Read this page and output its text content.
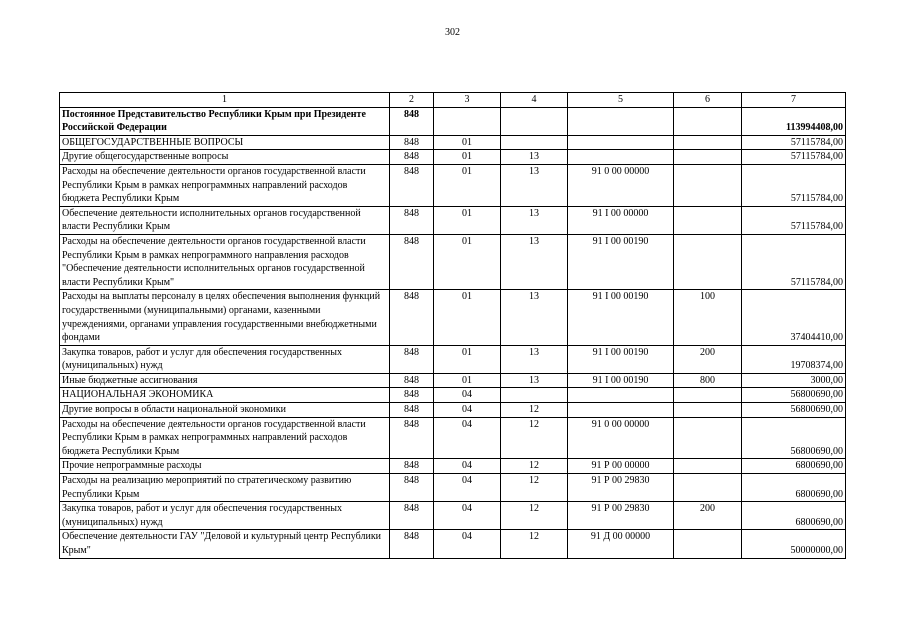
302
1	2	3	4	5	6	7
Постоянное Представительство Республики Крым при Президенте Российской Федерации	848					113994408,00
ОБЩЕГОСУДАРСТВЕННЫЕ ВОПРОСЫ	848	01				57115784,00
Другие общегосударственные вопросы	848	01	13			57115784,00
Расходы на обеспечение деятельности органов государственной власти Республики Крым в рамках непрограммных направлений расходов бюджета Республики Крым	848	01	13	91 0 00 00000		57115784,00
Обеспечение деятельности исполнительных органов государственной власти Республики Крым	848	01	13	91 I 00 00000		57115784,00
Расходы на обеспечение деятельности органов государственной власти Республики Крым в рамках непрограммного направления расходов "Обеспечение деятельности исполнительных органов государственной власти Республики Крым"	848	01	13	91 I 00 00190		57115784,00
Расходы на выплаты персоналу в целях обеспечения выполнения функций государственными (муниципальными) органами, казенными учреждениями, органами управления государственными внебюджетными фондами	848	01	13	91 I 00 00190	100	37404410,00
Закупка товаров, работ и услуг для обеспечения государственных (муниципальных) нужд	848	01	13	91 I 00 00190	200	19708374,00
Иные бюджетные ассигнования	848	01	13	91 I 00 00190	800	3000,00
НАЦИОНАЛЬНАЯ ЭКОНОМИКА	848	04				56800690,00
Другие вопросы в области национальной экономики	848	04	12			56800690,00
Расходы на обеспечение деятельности органов государственной власти Республики Крым в рамках непрограммных направлений расходов бюджета Республики Крым	848	04	12	91 0 00 00000		56800690,00
Прочие непрограммные расходы	848	04	12	91 Р 00 00000		6800690,00
Расходы на реализацию мероприятий по стратегическому развитию Республики Крым	848	04	12	91 Р 00 29830		6800690,00
Закупка товаров, работ и услуг для обеспечения государственных (муниципальных) нужд	848	04	12	91 Р 00 29830	200	6800690,00
Обеспечение деятельности ГАУ "Деловой и культурный центр Республики Крым"	848	04	12	91 Д 00 00000		50000000,00
